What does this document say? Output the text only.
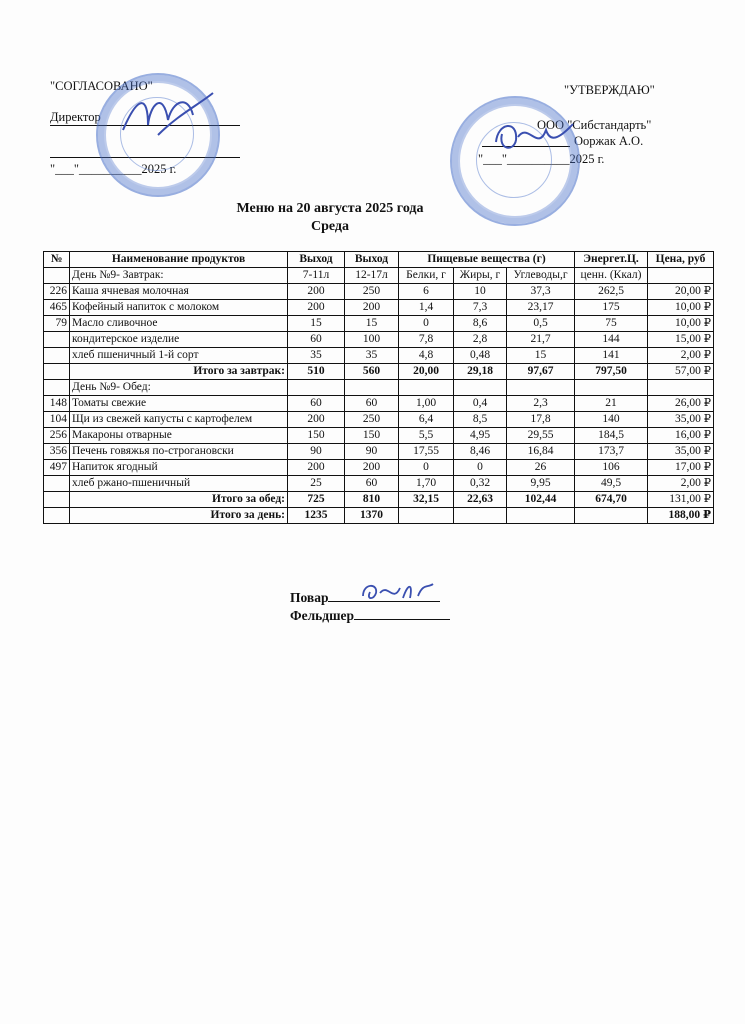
"СОГЛАСОВАНО"
Директор
"___"__________2025 г.
"УТВЕРЖДАЮ"
ООО "Сибстандарть"
Ооржак А.О.
"___"__________2025 г.
Меню на 20 августа 2025 года
Среда
№	Наименование продуктов	Выход	Выход	Пищевые вещества (г)			Энергет.Ц.	Цена, руб
	День №9- Завтрак:	7-11л	12-17л	Белки, г	Жиры, г	Углеводы,г	ценн. (Ккал)	
226	Каша ячневая молочная	200	250	6	10	37,3	262,5	20,00 ₽
465	Кофейный напиток с молоком	200	200	1,4	7,3	23,17	175	10,00 ₽
79	Масло сливочное	15	15	0	8,6	0,5	75	10,00 ₽
	кондитерское изделие	60	100	7,8	2,8	21,7	144	15,00 ₽
	хлеб пшеничный 1-й сорт	35	35	4,8	0,48	15	141	2,00 ₽
	Итого за завтрак:	510	560	20,00	29,18	97,67	797,50	57,00 ₽
	День №9- Обед:							
148	Томаты свежие	60	60	1,00	0,4	2,3	21	26,00 ₽
104	Щи из свежей капусты с картофелем	200	250	6,4	8,5	17,8	140	35,00 ₽
256	Макароны отварные	150	150	5,5	4,95	29,55	184,5	16,00 ₽
356	Печень говяжья по-строгановски	90	90	17,55	8,46	16,84	173,7	35,00 ₽
497	Напиток ягодный	200	200	0	0	26	106	17,00 ₽
	хлеб ржано-пшеничный	25	60	1,70	0,32	9,95	49,5	2,00 ₽
	Итого за обед:	725	810	32,15	22,63	102,44	674,70	131,00 ₽
	Итого за день:	1235	1370					188,00 ₽
Повар
Фельдшер
